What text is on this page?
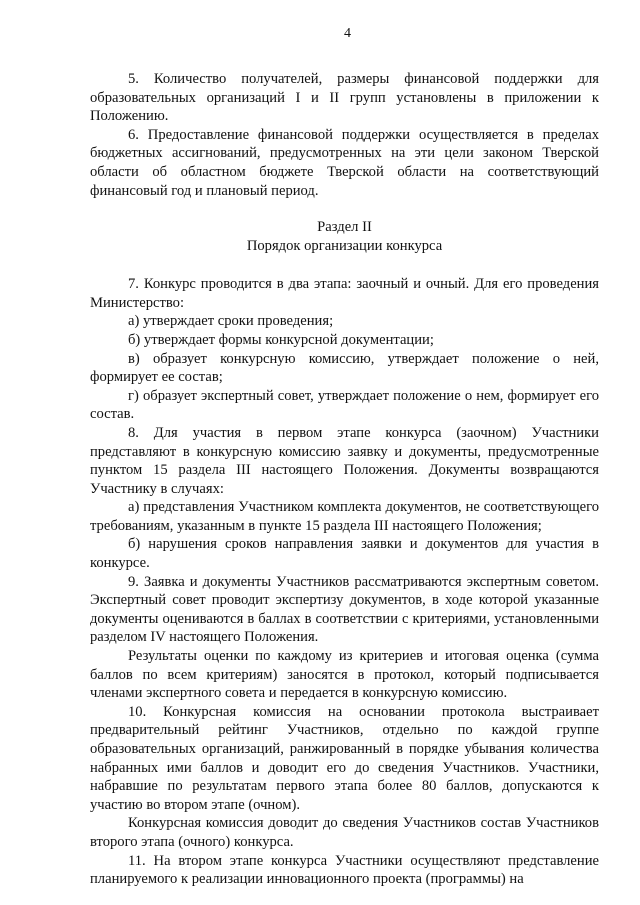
4

5. Количество получателей, размеры финансовой поддержки для образовательных организаций I и II групп установлены в приложении к Положению.

6. Предоставление финансовой поддержки осуществляется в пределах бюджетных ассигнований, предусмотренных на эти цели законом Тверской области об областном бюджете Тверской области на соответствующий финансовый год и плановый период.

Раздел II
Порядок организации конкурса

7. Конкурс проводится в два этапа: заочный и очный. Для его проведения Министерство:

а) утверждает сроки проведения;

б) утверждает формы конкурсной документации;

в) образует конкурсную комиссию, утверждает положение о ней, формирует ее состав;

г) образует экспертный совет, утверждает положение о нем, формирует его состав.

8. Для участия в первом этапе конкурса (заочном) Участники представляют в конкурсную комиссию заявку и документы, предусмотренные пунктом 15 раздела III настоящего Положения. Документы возвращаются Участнику в случаях:

а) представления Участником комплекта документов, не соответствующего требованиям, указанным в пункте 15 раздела III настоящего Положения;

б) нарушения сроков направления заявки и документов для участия в конкурсе.

9. Заявка и документы Участников рассматриваются экспертным советом. Экспертный совет проводит экспертизу документов, в ходе которой указанные документы оцениваются в баллах в соответствии с критериями, установленными разделом IV настоящего Положения.

Результаты оценки по каждому из критериев и итоговая оценка (сумма баллов по всем критериям) заносятся в протокол, который подписывается членами экспертного совета и передается в конкурсную комиссию.

10. Конкурсная комиссия на основании протокола выстраивает предварительный рейтинг Участников, отдельно по каждой группе образовательных организаций, ранжированный в порядке убывания количества набранных ими баллов и доводит его до сведения Участников. Участники, набравшие по результатам первого этапа более 80 баллов, допускаются к участию во втором этапе (очном).

Конкурсная комиссия доводит до сведения Участников состав Участников второго этапа (очного) конкурса.

11. На втором этапе конкурса Участники осуществляют представление планируемого к реализации инновационного проекта (программы) на
